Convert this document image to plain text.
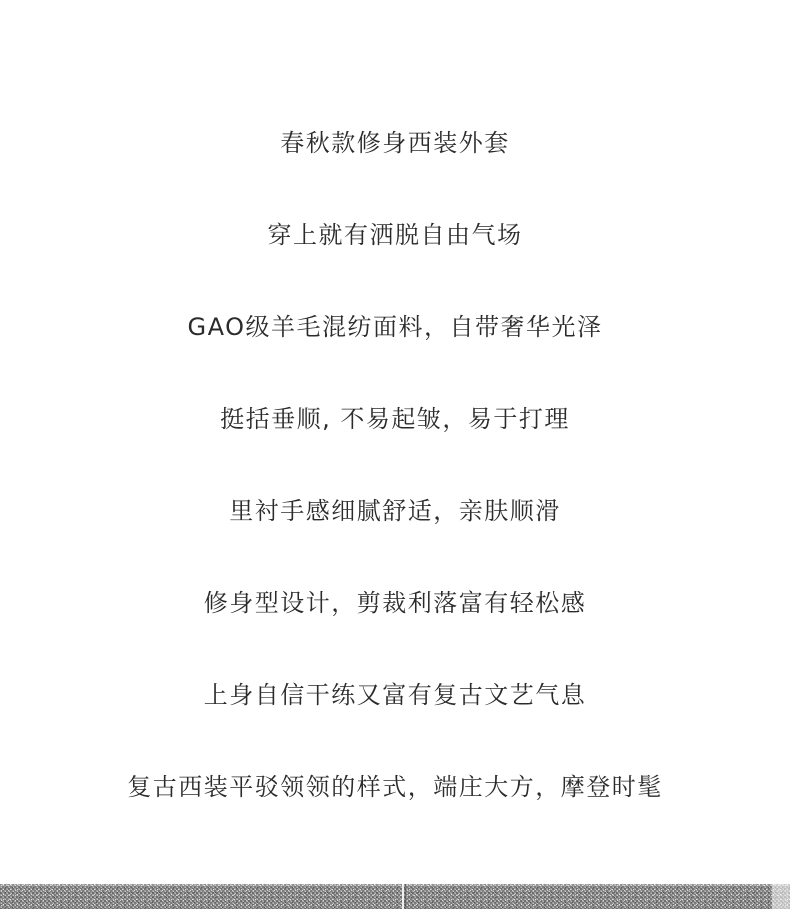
春秋款修身西装外套
穿上就有洒脱自由气场
GAO级羊毛混纺面料，自带奢华光泽
挺括垂顺, 不易起皱，易于打理
里衬手感细腻舒适，亲肤顺滑
修身型设计，剪裁利落富有轻松感
上身自信干练又富有复古文艺气息
复古西装平驳领领的样式，端庄大方，摩登时髦
